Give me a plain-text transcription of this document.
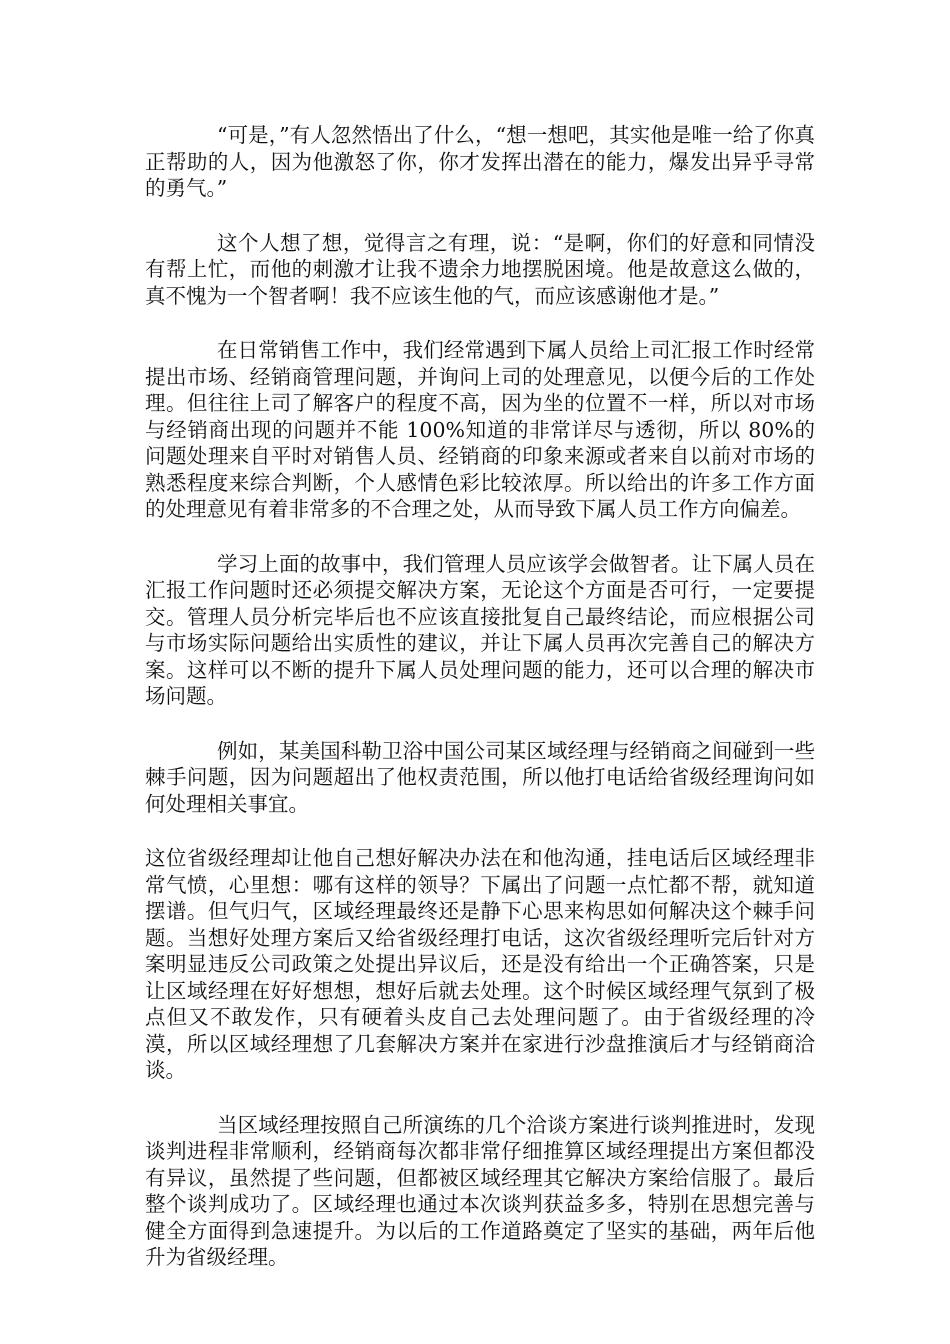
“可是，”有人忽然悟出了什么，“想一想吧，其实他是唯一给了你真正帮助的人，因为他激怒了你，你才发挥出潜在的能力，爆发出异乎寻常的勇气。”

这个人想了想，觉得言之有理，说：“是啊，你们的好意和同情没有帮上忙，而他的刺激才让我不遗余力地摆脱困境。他是故意这么做的，真不愧为一个智者啊！我不应该生他的气，而应该感谢他才是。”

在日常销售工作中，我们经常遇到下属人员给上司汇报工作时经常提出市场、经销商管理问题，并询问上司的处理意见，以便今后的工作处理。但往往上司了解客户的程度不高，因为坐的位置不一样，所以对市场与经销商出现的问题并不能 100%知道的非常详尽与透彻，所以 80%的问题处理来自平时对销售人员、经销商的印象来源或者来自以前对市场的熟悉程度来综合判断，个人感情色彩比较浓厚。所以给出的许多工作方面的处理意见有着非常多的不合理之处，从而导致下属人员工作方向偏差。

学习上面的故事中，我们管理人员应该学会做智者。让下属人员在汇报工作问题时还必须提交解决方案，无论这个方面是否可行，一定要提交。管理人员分析完毕后也不应该直接批复自己最终结论，而应根据公司与市场实际问题给出实质性的建议，并让下属人员再次完善自己的解决方案。这样可以不断的提升下属人员处理问题的能力，还可以合理的解决市场问题。

例如，某美国科勒卫浴中国公司某区域经理与经销商之间碰到一些棘手问题，因为问题超出了他权责范围，所以他打电话给省级经理询问如何处理相关事宜。

这位省级经理却让他自己想好解决办法在和他沟通，挂电话后区域经理非常气愤，心里想：哪有这样的领导？下属出了问题一点忙都不帮，就知道摆谱。但气归气，区域经理最终还是静下心思来构思如何解决这个棘手问题。当想好处理方案后又给省级经理打电话，这次省级经理听完后针对方案明显违反公司政策之处提出异议后，还是没有给出一个正确答案，只是让区域经理在好好想想，想好后就去处理。这个时候区域经理气氛到了极点但又不敢发作，只有硬着头皮自己去处理问题了。由于省级经理的冷漠，所以区域经理想了几套解决方案并在家进行沙盘推演后才与经销商洽谈。

当区域经理按照自己所演练的几个洽谈方案进行谈判推进时，发现谈判进程非常顺利，经销商每次都非常仔细推算区域经理提出方案但都没有异议，虽然提了些问题，但都被区域经理其它解决方案给信服了。最后整个谈判成功了。区域经理也通过本次谈判获益多多，特别在思想完善与健全方面得到急速提升。为以后的工作道路奠定了坚实的基础，两年后他升为省级经理。
